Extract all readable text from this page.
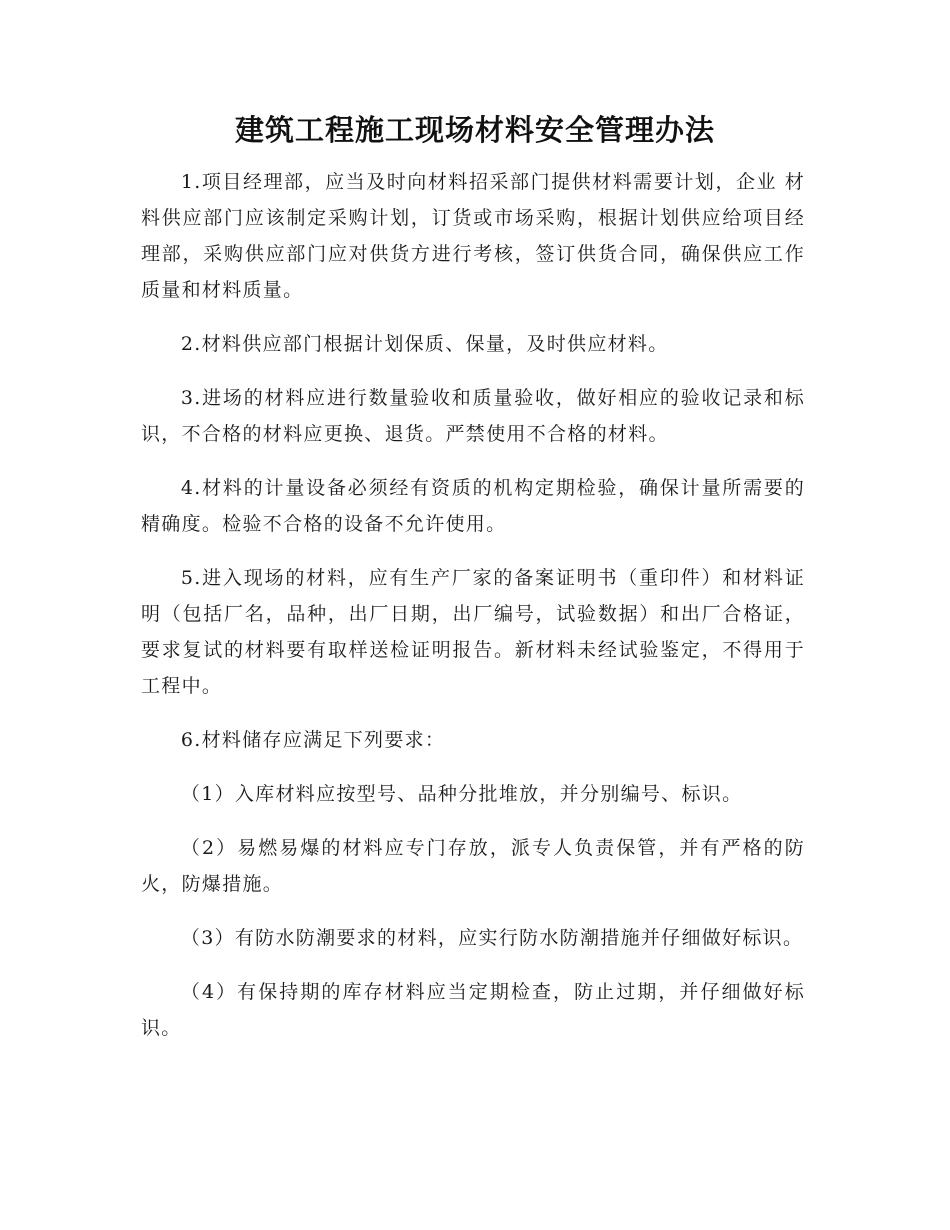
建筑工程施工现场材料安全管理办法

1.项目经理部，应当及时向材料招采部门提供材料需要计划，企业 材料供应部门应该制定采购计划，订货或市场采购，根据计划供应给项目经理部，采购供应部门应对供货方进行考核，签订供货合同，确保供应工作质量和材料质量。

2.材料供应部门根据计划保质、保量，及时供应材料。

3.进场的材料应进行数量验收和质量验收，做好相应的验收记录和标识，不合格的材料应更换、退货。严禁使用不合格的材料。

4.材料的计量设备必须经有资质的机构定期检验，确保计量所需要的精确度。检验不合格的设备不允许使用。

5.进入现场的材料，应有生产厂家的备案证明书（重印件）和材料证明（包括厂名，品种，出厂日期，出厂编号，试验数据）和出厂合格证，要求复试的材料要有取样送检证明报告。新材料未经试验鉴定，不得用于工程中。

6.材料储存应满足下列要求：

（1）入库材料应按型号、品种分批堆放，并分别编号、标识。

（2）易燃易爆的材料应专门存放，派专人负责保管，并有严格的防火，防爆措施。

（3）有防水防潮要求的材料，应实行防水防潮措施并仔细做好标识。

（4）有保持期的库存材料应当定期检查，防止过期，并仔细做好标识。
